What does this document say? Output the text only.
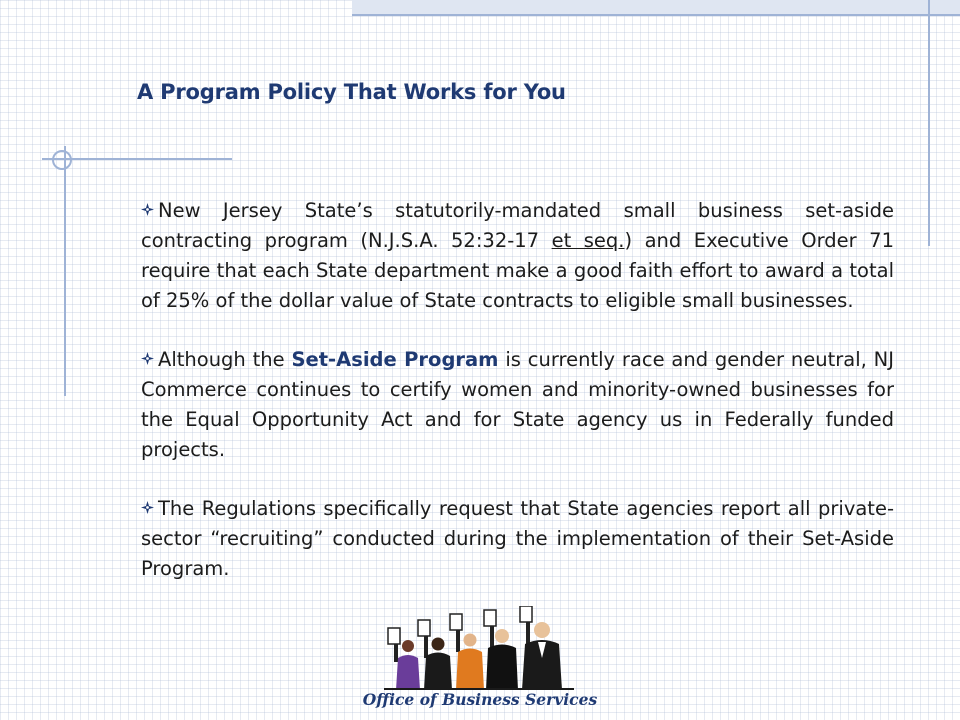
A Program Policy That Works for You

New Jersey State’s statutorily-mandated small business set-aside contracting program (N.J.S.A. 52:32-17 et seq.) and Executive Order 71 require that each State department make a good faith effort to award a total of 25% of the dollar value of State contracts to eligible small businesses.

Although the Set-Aside Program is currently race and gender neutral, NJ Commerce continues to certify women and minority-owned businesses for the Equal Opportunity Act and for State agency us in Federally funded projects.

The Regulations specifically request that State agencies report all private-sector “recruiting” conducted during the implementation of their Set-Aside Program.

Office of Business Services
